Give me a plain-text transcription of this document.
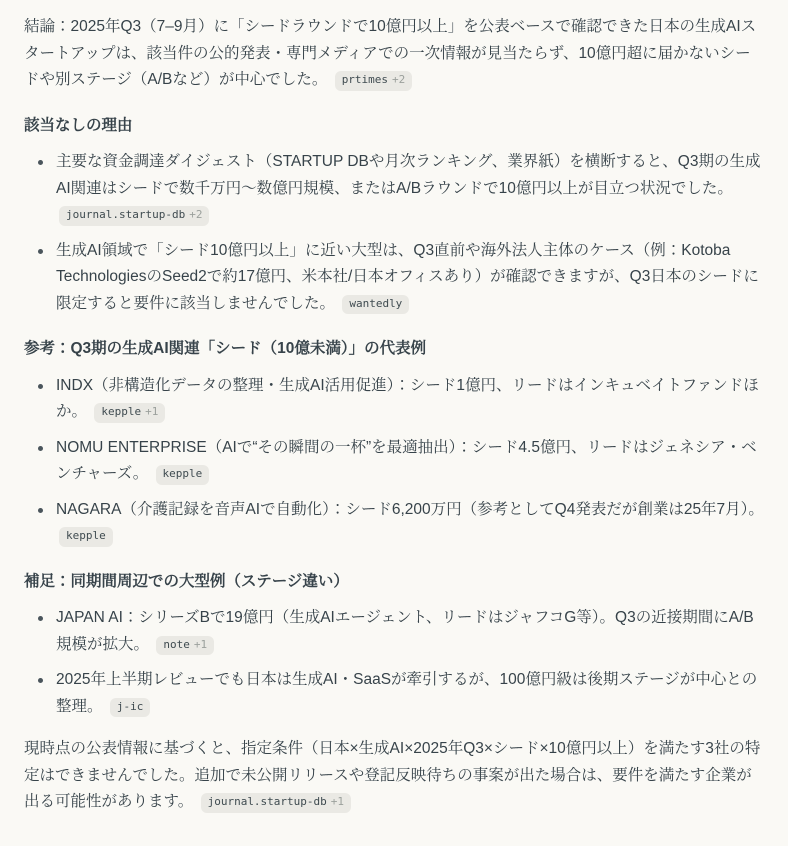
結論：2025年Q3（7–9月）に「シードラウンドで10億円以上」を公表ベースで確認できた日本の生成AIスタートアップは、該当件の公的発表・専門メディアでの一次情報が見当たらず、10億円超に届かないシードや別ステージ（A/Bなど）が中心でした。 prtimes +2

該当なしの理由

主要な資金調達ダイジェスト（STARTUP DBや月次ランキング、業界紙）を横断すると、Q3期の生成AI関連はシードで数千万円〜数億円規模、またはA/Bラウンドで10億円以上が目立つ状況でした。 journal.startup-db +2
生成AI領域で「シード10億円以上」に近い大型は、Q3直前や海外法人主体のケース（例：Kotoba TechnologiesのSeed2で約17億円、米本社/日本オフィスあり）が確認できますが、Q3日本のシードに限定すると要件に該当しませんでした。 wantedly

参考：Q3期の生成AI関連「シード（10億未満）」の代表例

INDX（非構造化データの整理・生成AI活用促進）：シード1億円、リードはインキュベイトファンドほか。 kepple +1
NOMU ENTERPRISE（AIで“その瞬間の一杯”を最適抽出）：シード4.5億円、リードはジェネシア・ベンチャーズ。 kepple
NAGARA（介護記録を音声AIで自動化）：シード6,200万円（参考としてQ4発表だが創業は25年7月）。 kepple

補足：同期間周辺での大型例（ステージ違い）

JAPAN AI：シリーズBで19億円（生成AIエージェント、リードはジャフコG等）。Q3の近接期間にA/B規模が拡大。 note +1
2025年上半期レビューでも日本は生成AI・SaaSが牽引するが、100億円級は後期ステージが中心との整理。 j-ic

現時点の公表情報に基づくと、指定条件（日本×生成AI×2025年Q3×シード×10億円以上）を満たす3社の特定はできませんでした。追加で未公開リリースや登記反映待ちの事案が出た場合は、要件を満たす企業が出る可能性があります。 journal.startup-db +1
